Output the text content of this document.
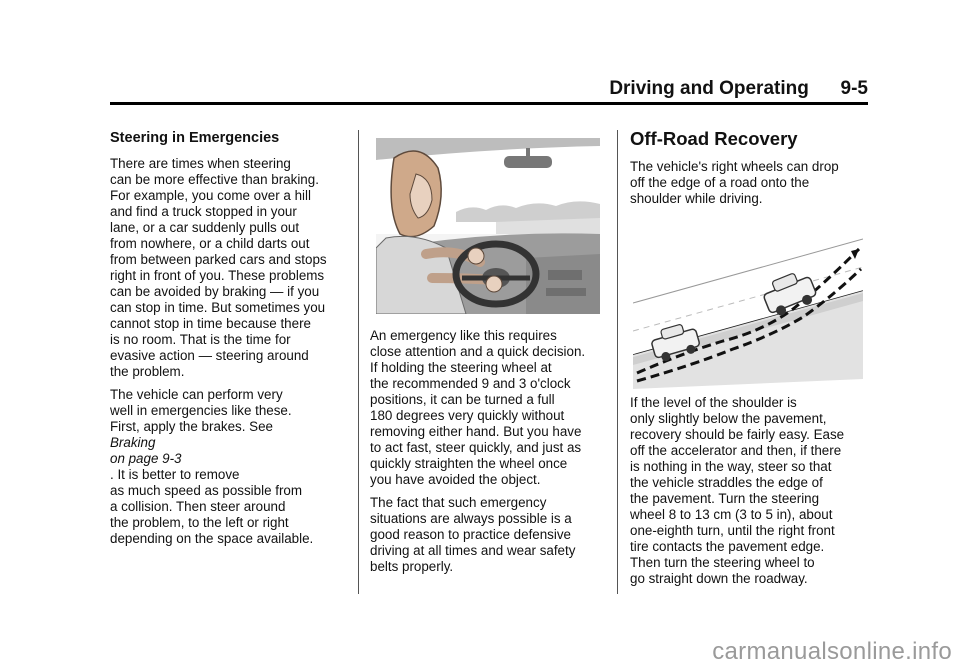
Driving and Operating 9-5
Steering in Emergencies

There are times when steering
can be more effective than braking.
For example, you come over a hill
and find a truck stopped in your
lane, or a car suddenly pulls out
from nowhere, or a child darts out
from between parked cars and stops
right in front of you. These problems
can be avoided by braking — if you
can stop in time. But sometimes you
cannot stop in time because there
is no room. That is the time for
evasive action — steering around
the problem.

The vehicle can perform very
well in emergencies like these.
First, apply the brakes. See
Braking
on page 9-3
. It is better to remove
as much speed as possible from
a collision. Then steer around
the problem, to the left or right
depending on the space available.

An emergency like this requires
close attention and a quick decision.
If holding the steering wheel at
the recommended 9 and 3 o'clock
positions, it can be turned a full
180 degrees very quickly without
removing either hand. But you have
to act fast, steer quickly, and just as
quickly straighten the wheel once
you have avoided the object.

The fact that such emergency
situations are always possible is a
good reason to practice defensive
driving at all times and wear safety
belts properly.

Off-Road Recovery

The vehicle's right wheels can drop
off the edge of a road onto the
shoulder while driving.

If the level of the shoulder is
only slightly below the pavement,
recovery should be fairly easy. Ease
off the accelerator and then, if there
is nothing in the way, steer so that
the vehicle straddles the edge of
the pavement. Turn the steering
wheel 8 to 13 cm (3 to 5 in), about
one-eighth turn, until the right front
tire contacts the pavement edge.
Then turn the steering wheel to
go straight down the roadway.

carmanualsonline.info
